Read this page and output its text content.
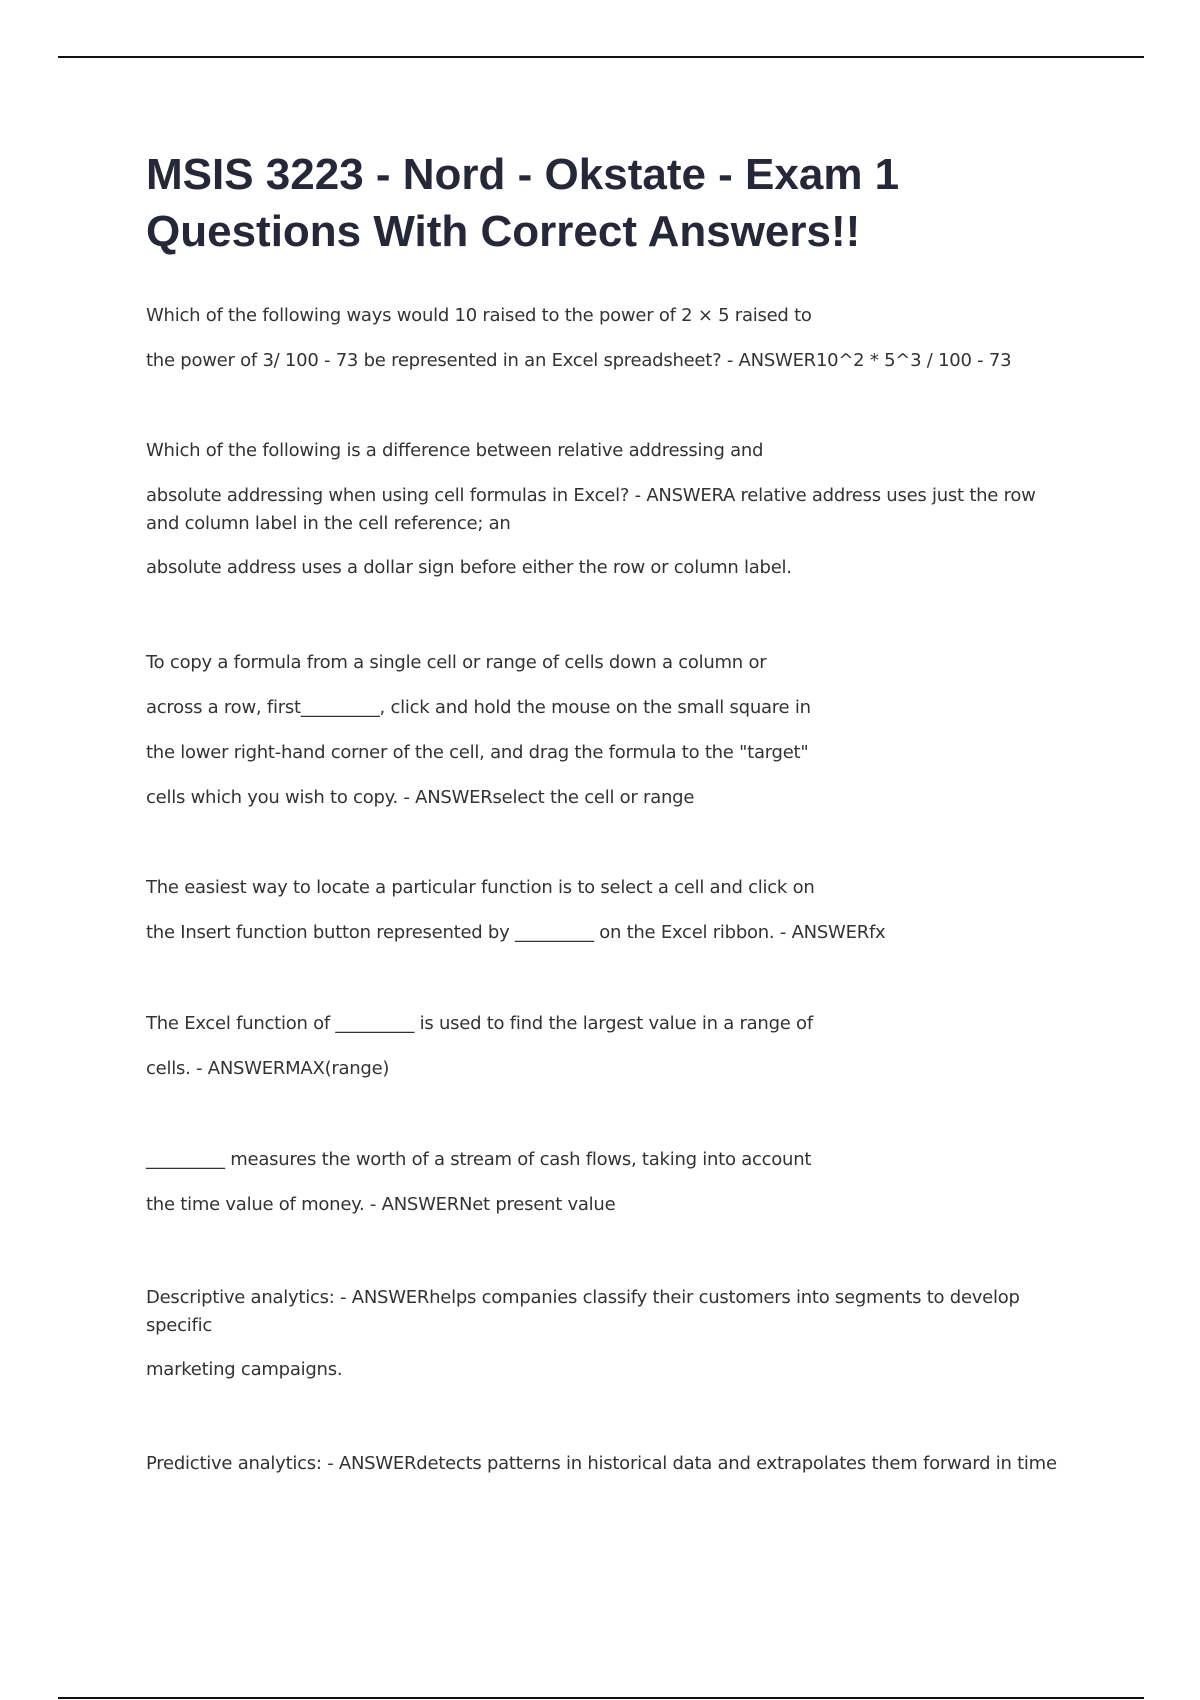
MSIS 3223 - Nord - Okstate - Exam 1 Questions With Correct Answers!!
Which of the following ways would 10 raised to the power of 2 × 5 raised to
the power of 3/ 100 - 73 be represented in an Excel spreadsheet? - ANSWER10^2 * 5^3 / 100 - 73
Which of the following is a difference between relative addressing and
absolute addressing when using cell formulas in Excel? - ANSWERA relative address uses just the row and column label in the cell reference; an
absolute address uses a dollar sign before either the row or column label.
To copy a formula from a single cell or range of cells down a column or
across a row, first_________, click and hold the mouse on the small square in
the lower right-hand corner of the cell, and drag the formula to the "target"
cells which you wish to copy. - ANSWERselect the cell or range
The easiest way to locate a particular function is to select a cell and click on
the Insert function button represented by _________ on the Excel ribbon. - ANSWERfx
The Excel function of _________ is used to find the largest value in a range of
cells. - ANSWERMAX(range)
_________ measures the worth of a stream of cash flows, taking into account
the time value of money. - ANSWERNet present value
Descriptive analytics: - ANSWERhelps companies classify their customers into segments to develop specific
marketing campaigns.
Predictive analytics: - ANSWERdetects patterns in historical data and extrapolates them forward in time
